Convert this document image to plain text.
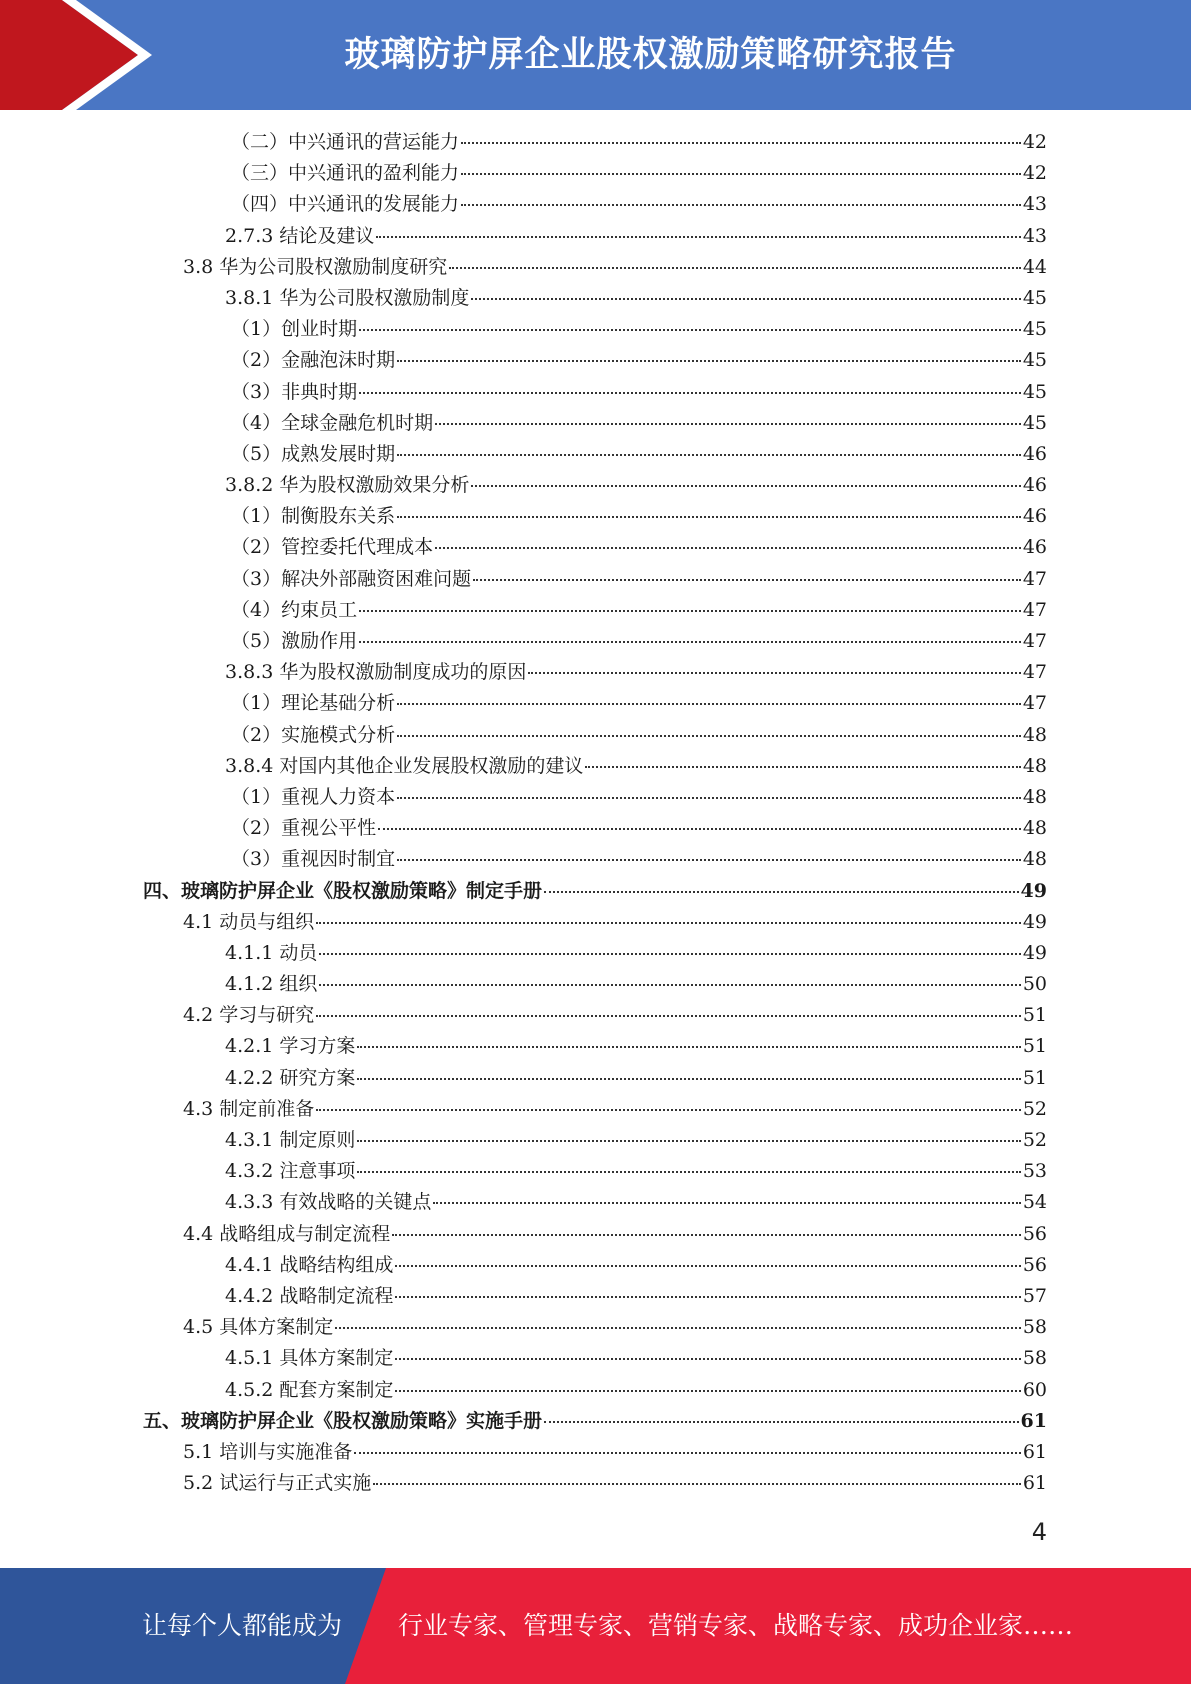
玻璃防护屏企业股权激励策略研究报告
（二）中兴通讯的营运能力	42
（三）中兴通讯的盈利能力	42
（四）中兴通讯的发展能力	43
2.7.3 结论及建议	43
3.8 华为公司股权激励制度研究	44
3.8.1 华为公司股权激励制度	45
（1）创业时期	45
（2）金融泡沫时期	45
（3）非典时期	45
（4）全球金融危机时期	45
（5）成熟发展时期	46
3.8.2 华为股权激励效果分析	46
（1）制衡股东关系	46
（2）管控委托代理成本	46
（3）解决外部融资困难问题	47
（4）约束员工	47
（5）激励作用	47
3.8.3 华为股权激励制度成功的原因	47
（1）理论基础分析	47
（2）实施模式分析	48
3.8.4 对国内其他企业发展股权激励的建议	48
（1）重视人力资本	48
（2）重视公平性	48
（3）重视因时制宜	48
四、玻璃防护屏企业《股权激励策略》制定手册	49
4.1 动员与组织	49
4.1.1 动员	49
4.1.2 组织	50
4.2 学习与研究	51
4.2.1 学习方案	51
4.2.2 研究方案	51
4.3 制定前准备	52
4.3.1 制定原则	52
4.3.2 注意事项	53
4.3.3 有效战略的关键点	54
4.4 战略组成与制定流程	56
4.4.1 战略结构组成	56
4.4.2 战略制定流程	57
4.5 具体方案制定	58
4.5.1 具体方案制定	58
4.5.2 配套方案制定	60
五、玻璃防护屏企业《股权激励策略》实施手册	61
5.1 培训与实施准备	61
5.2 试运行与正式实施	61
4
让每个人都能成为 行业专家、管理专家、营销专家、战略专家、成功企业家……
